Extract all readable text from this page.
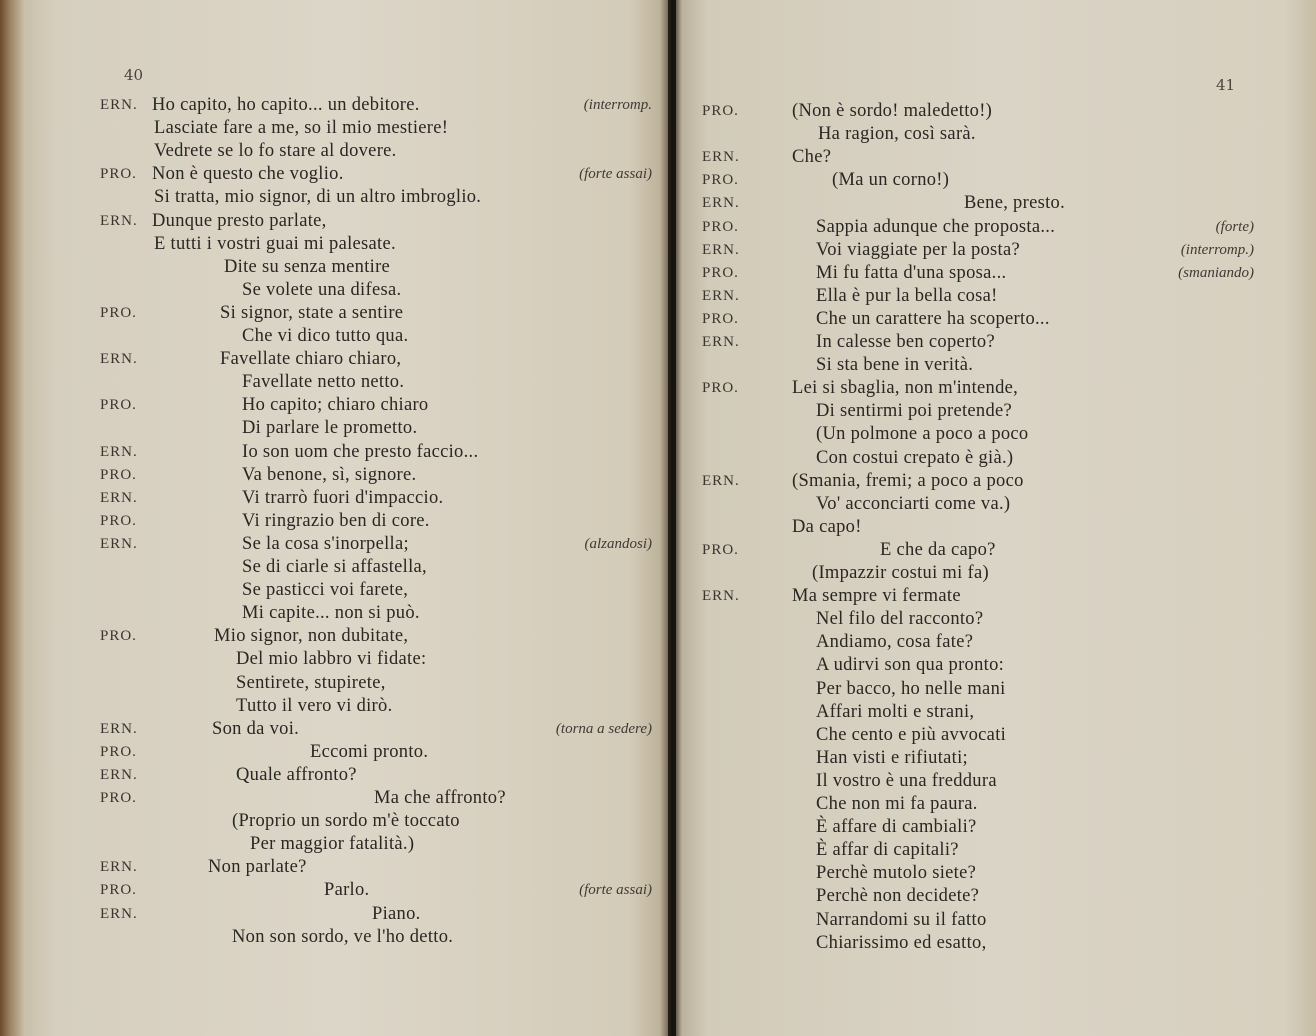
40
ERN. Ho capito, ho capito... un debitore.	(interromp.
Lasciate fare a me, so il mio mestiere!
Vedrete se lo fo stare al dovere.
PRO. Non è questo che voglio.	(forte assai)
Si tratta, mio signor, di un altro imbroglio.
ERN. Dunque presto parlate,
E tutti i vostri guai mi palesate.
Dite su senza mentire
Se volete una difesa.
PRO.	Si signor, state a sentire
Che vi dico tutto qua.
ERN.	Favellate chiaro chiaro,
Favellate netto netto.
PRO.	Ho capito; chiaro chiaro
Di parlare le prometto.
ERN.	Io son uom che presto faccio...
PRO.	Va benone, sì, signore.
ERN.	Vi trarrò fuori d'impaccio.
PRO.	Vi ringrazio ben di core.
ERN.	Se la cosa s'inorpella;	(alzandosi)
Se di ciarle si affastella,
Se pasticci voi farete,
Mi capite... non si può.
PRO.	Mio signor, non dubitate,
Del mio labbro vi fidate:
Sentirete, stupirete,
Tutto il vero vi dirò.
ERN.	Son da voi.	(torna a sedere)
PRO.	Eccomi pronto.
ERN.	Quale affronto?
PRO.	Ma che affronto?
(Proprio un sordo m'è toccato
Per maggior fatalità.)
ERN.	Non parlate?
PRO.	Parlo.	(forte assai)
ERN.	Piano.
Non son sordo, ve l'ho detto.
41
PRO.	(Non è sordo! maledetto!)
Ha ragion, così sarà.
ERN.	Che?
PRO.	(Ma un corno!)
ERN.	Bene, presto.
PRO.	Sappia adunque che proposta...	(forte)
ERN.	Voi viaggiate per la posta?	(interromp.)
PRO.	Mi fu fatta d'una sposa...	(smaniando)
ERN.	Ella è pur la bella cosa!
PRO.	Che un carattere ha scoperto...
ERN.	In calesse ben coperto?
Si sta bene in verità.
PRO.	Lei si sbaglia, non m'intende,
Di sentirmi poi pretende?
(Un polmone a poco a poco
Con costui crepato è già.)
ERN.	(Smania, fremi; a poco a poco
Vo' acconciarti come va.)
Da capo!
PRO.	E che da capo?
(Impazzir costui mi fa)
ERN.	Ma sempre vi fermate
Nel filo del racconto?
Andiamo, cosa fate?
A udirvi son qua pronto:
Per bacco, ho nelle mani
Affari molti e strani,
Che cento e più avvocati
Han visti e rifiutati;
Il vostro è una freddura
Che non mi fa paura.
È affare di cambiali?
È affar di capitali?
Perchè mutolo siete?
Perchè non decidete?
Narrandomi su il fatto
Chiarissimo ed esatto,
